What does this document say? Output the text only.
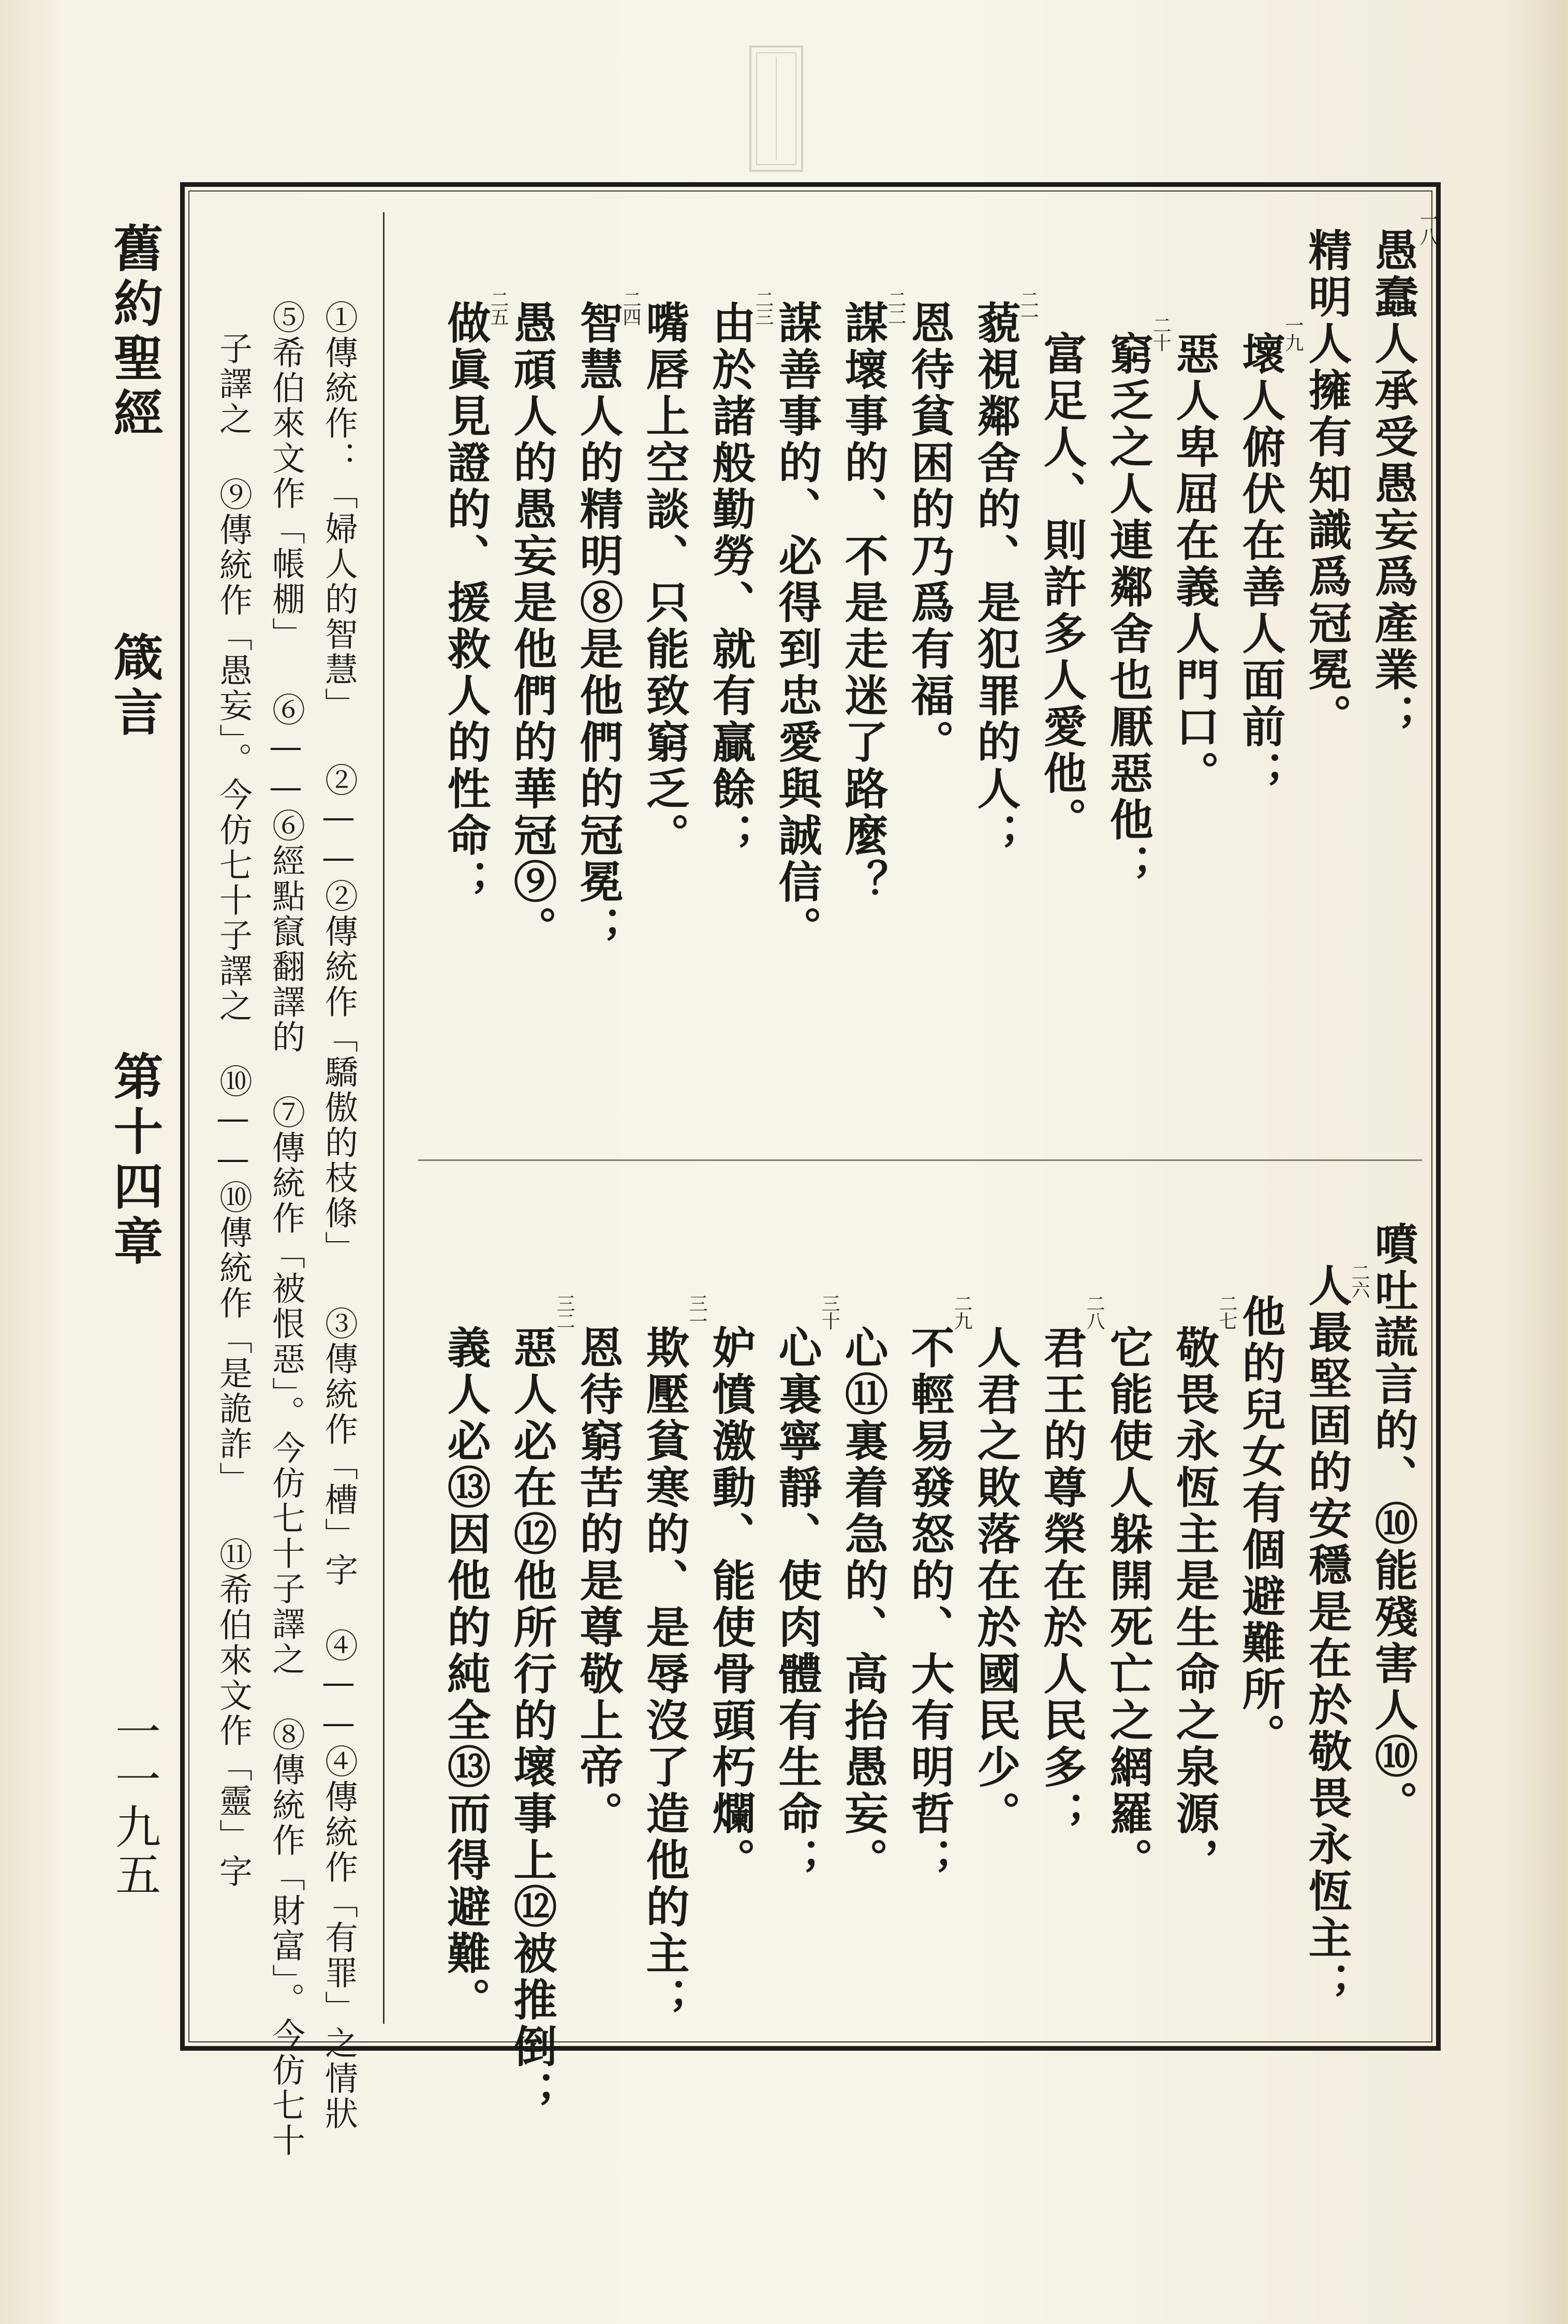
舊約聖經
箴言
第十四章
一一九五
一八
愚蠢人承受愚妄爲產業；
精明人擁有知識爲冠冕。
一九
壞人俯伏在善人面前；
惡人卑屈在義人門口。
二十
窮乏之人連鄰舍也厭惡他；
富足人、則許多人愛他。
二一
藐視鄰舍的、是犯罪的人；
恩待貧困的乃爲有福。
二二
謀壞事的、不是走迷了路麼？
謀善事的、必得到忠愛與誠信。
二三
由於諸般勤勞、就有贏餘；
嘴唇上空談、只能致窮乏。
二四
智慧人的精明⑧是他們的冠冕；
愚頑人的愚妄是他們的華冠⑨。
二五
做眞見證的、援救人的性命；
噴吐謊言的、⑩能殘害人⑩。
二六
人最堅固的安穩是在於敬畏永恆主；
他的兒女有個避難所。
二七
敬畏永恆主是生命之泉源，
它能使人躲開死亡之網羅。
二八
君王的尊榮在於人民多；
人君之敗落在於國民少。
二九
不輕易發怒的、大有明哲；
心⑪裏着急的、高抬愚妄。
三十
心裏寧靜、使肉體有生命；
妒憤激動、能使骨頭朽爛。
三一
欺壓貧寒的、是辱沒了造他的主；
恩待窮苦的是尊敬上帝。
三二
惡人必在⑫他所行的壞事上⑫被推倒；
義人必⑬因他的純全⑬而得避難。
①傳統作：「婦人的智慧」 ②——②傳統作「驕傲的枝條」 ③傳統作「槽」字 ④——④傳統作「有罪」之情狀
⑤希伯來文作「帳棚」 ⑥——⑥經點竄翻譯的 ⑦傳統作「被恨惡」。今仿七十子譯之 ⑧傳統作「財富」。今仿七十
子譯之 ⑨傳統作「愚妄」。今仿七十子譯之 ⑩——⑩傳統作「是詭詐」 ⑪希伯來文作「靈」字
